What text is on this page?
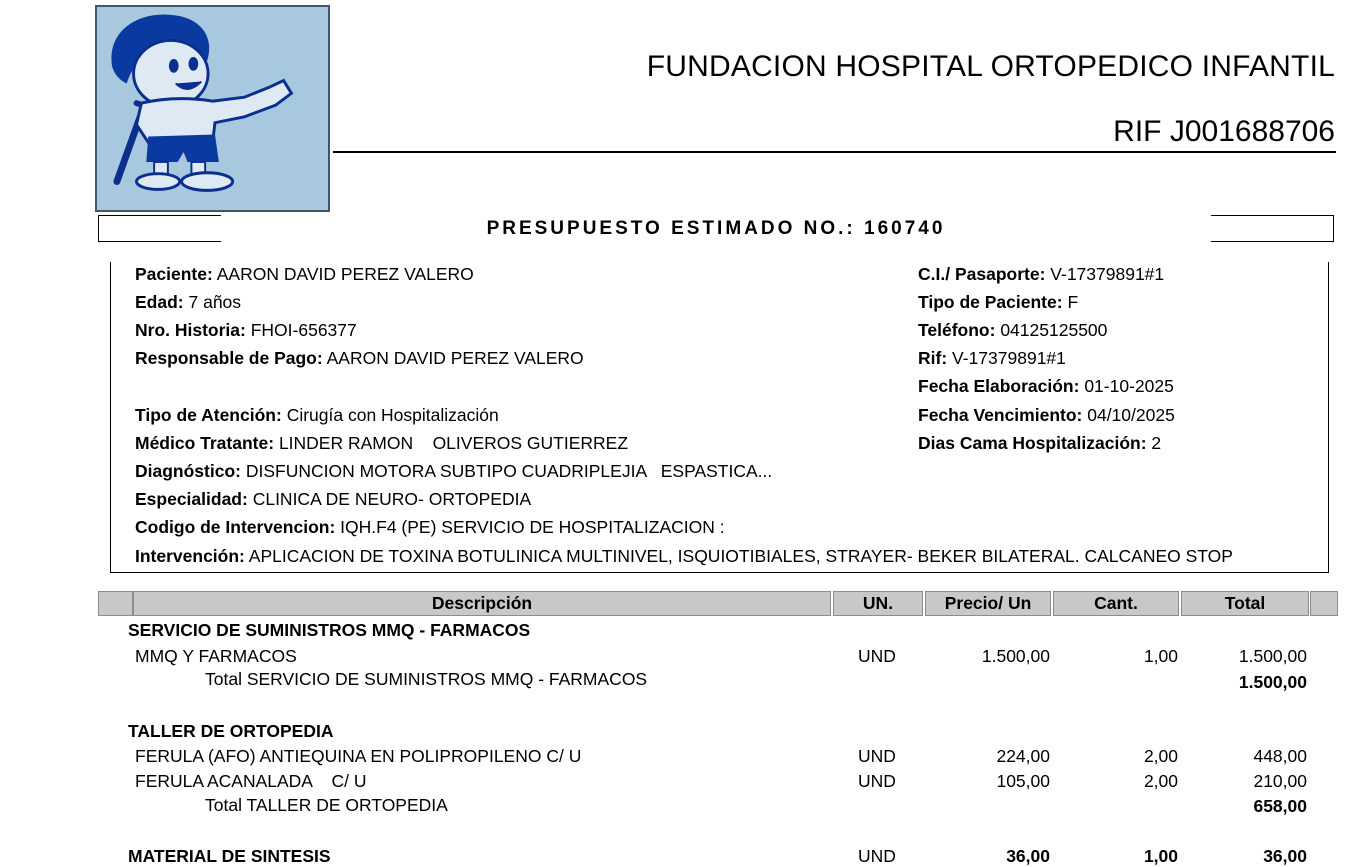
FUNDACION HOSPITAL ORTOPEDICO INFANTIL
RIF J001688706
PRESUPUESTO ESTIMADO NO.: 160740
Paciente: AARON DAVID PEREZ VALERO
Edad: 7 años
Nro. Historia: FHOI-656377
Responsable de Pago: AARON DAVID PEREZ VALERO
Tipo de Atención: Cirugía con Hospitalización
Médico Tratante: LINDER RAMON    OLIVEROS GUTIERREZ
Diagnóstico: DISFUNCION MOTORA SUBTIPO CUADRIPLEJIA   ESPASTICA...
Especialidad: CLINICA DE NEURO- ORTOPEDIA
Codigo de Intervencion: IQH.F4 (PE) SERVICIO DE HOSPITALIZACION :
Intervención: APLICACION DE TOXINA BOTULINICA MULTINIVEL, ISQUIOTIBIALES, STRAYER- BEKER BILATERAL. CALCANEO STOP
C.I./ Pasaporte: V-17379891#1
Tipo de Paciente: F
Teléfono: 04125125500
Rif: V-17379891#1
Fecha Elaboración: 01-10-2025
Fecha Vencimiento: 04/10/2025
Dias Cama Hospitalización: 2
Descripción	UN.	Precio/ Un	Cant.	Total
SERVICIO DE SUMINISTROS MMQ - FARMACOS
MMQ Y FARMACOS	UND	1.500,00	1,00	1.500,00
Total SERVICIO DE SUMINISTROS MMQ - FARMACOS	1.500,00
TALLER DE ORTOPEDIA
FERULA (AFO) ANTIEQUINA EN POLIPROPILENO C/ U	UND	224,00	2,00	448,00
FERULA ACANALADA    C/ U	UND	105,00	2,00	210,00
Total TALLER DE ORTOPEDIA	658,00
MATERIAL DE SINTESIS	UND	36,00	1,00	36,00
